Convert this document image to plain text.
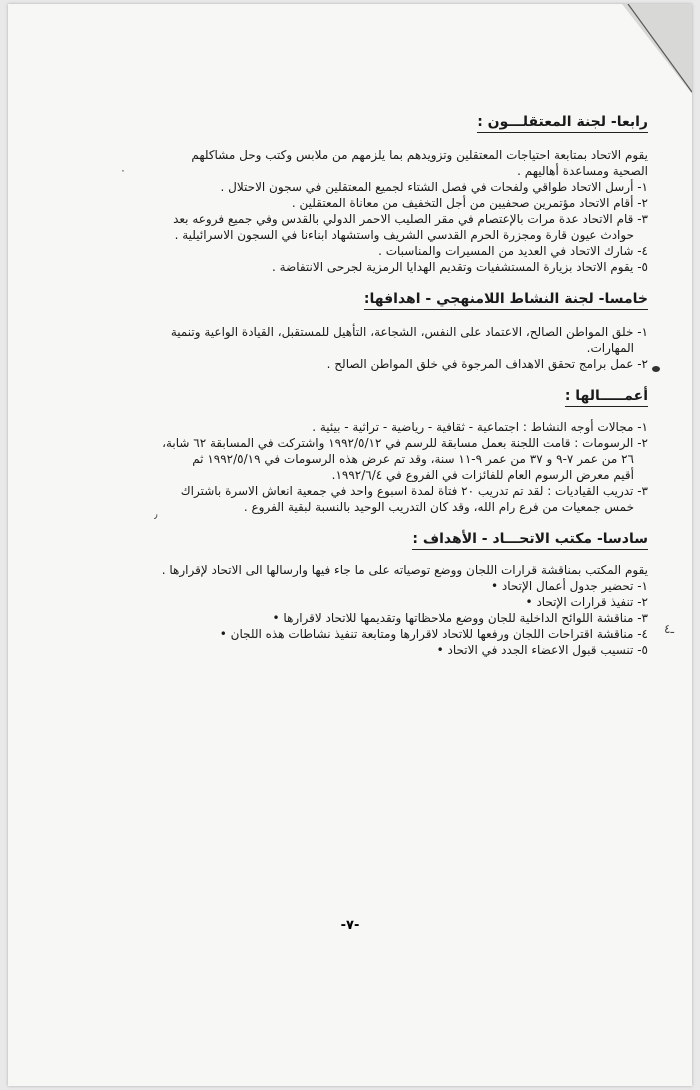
رابعا- لجنة المعتقلـــون :

يقوم الاتحاد بمتابعة احتياجات المعتقلين وتزويدهم بما يلزمهم من ملابس وكتب وحل مشاكلهم

الصحية ومساعدة أهاليهم .

١- أرسل الاتحاد طواقي ولفحات في فصل الشتاء لجميع المعتقلين في سجون الاحتلال .

٢- أقام الاتحاد مؤتمرين صحفيين من أجل التخفيف من معاناة المعتقلين .

٣- قام الاتحاد عدة مرات بالإعتصام في مقر الصليب الاحمر الدولي بالقدس وفي جميع فروعه بعد

حوادث عيون قارة ومجزرة الحرم القدسي الشريف واستشهاد ابناءنا في السجون الاسرائيلية .

٤- شارك الاتحاد في العديد من المسيرات والمناسبات .

٥- يقوم الاتحاد بزيارة المستشفيات وتقديم الهدايا الرمزية لجرحى الانتفاضة .

خامسا- لجنة النشاط اللامنهجي - اهدافها:

١- خلق المواطن الصالح، الاعتماد على النفس، الشجاعة، التأهيل للمستقبل، القيادة الواعية وتنمية

المهارات.

٢- عمل برامج تحقق الاهداف المرجوة في خلق المواطن الصالح .

أعمـــــالها :

١- مجالات أوجه النشاط : اجتماعية - ثقافية - رياضية - تراثية - بيئية .

٢- الرسومات : قامت اللجنة بعمل مسابقة للرسم في ١٩٩٢/٥/١٢ واشتركت في المسابقة ٦٢ شابة،

٢٦ من عمر ٧-٩ و ٣٧ من عمر ٩-١١ سنة، وقد تم عرض هذه الرسومات في ١٩٩٢/٥/١٩ ثم

أقيم معرض الرسوم العام للفائزات في الفروع في ١٩٩٢/٦/٤.

٣- تدريب القياديات : لقد تم تدريب ٢٠ فتاة لمدة اسبوع واحد في جمعية انعاش الاسرة باشتراك

خمس جمعيات من فرع رام الله، وقد كان التدريب الوحيد بالنسبة لبقية الفروع .

سادسا- مكتب الاتحـــاد - الأهداف :

يقوم المكتب بمناقشة قرارات اللجان ووضع توصياته على ما جاء فيها وارسالها الى الاتحاد لإقرارها .

١- تحضير جدول أعمال الإتحاد •

٢- تنفيذ قرارات الإتحاد •

٣- مناقشة اللوائح الداخلية للجان ووضع ملاحظاتها وتقديمها للاتحاد لاقرارها •

٤- مناقشة اقتراحات اللجان ورفعها للاتحاد لاقرارها ومتابعة تنفيذ نشاطات هذه اللجان •

٥- تنسيب قبول الاعضاء الجدد في الاتحاد •

ـ٤
٠
٫
-٧-
